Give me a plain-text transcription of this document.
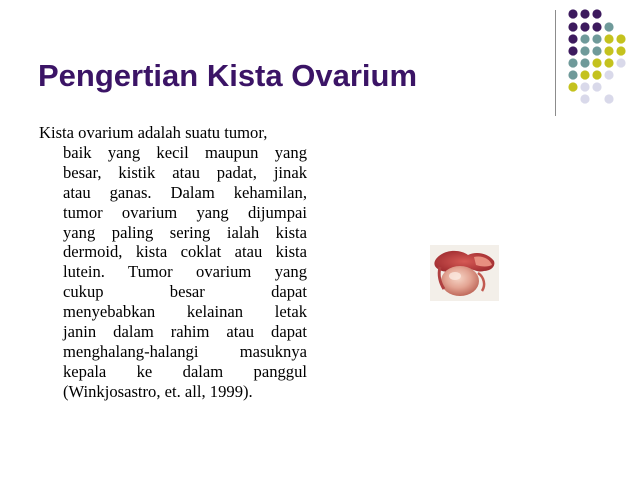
Pengertian Kista Ovarium
Kista ovarium adalah suatu tumor,
baik yang kecil maupun yang
besar, kistik atau padat, jinak
atau ganas. Dalam kehamilan,
tumor ovarium yang dijumpai
yang paling sering ialah kista
dermoid, kista coklat atau kista
lutein. Tumor ovarium yang
cukup besar dapat
menyebabkan kelainan letak
janin dalam rahim atau dapat
menghalang-halangi masuknya
kepala ke dalam panggul
(Winkjosastro, et. all, 1999).
